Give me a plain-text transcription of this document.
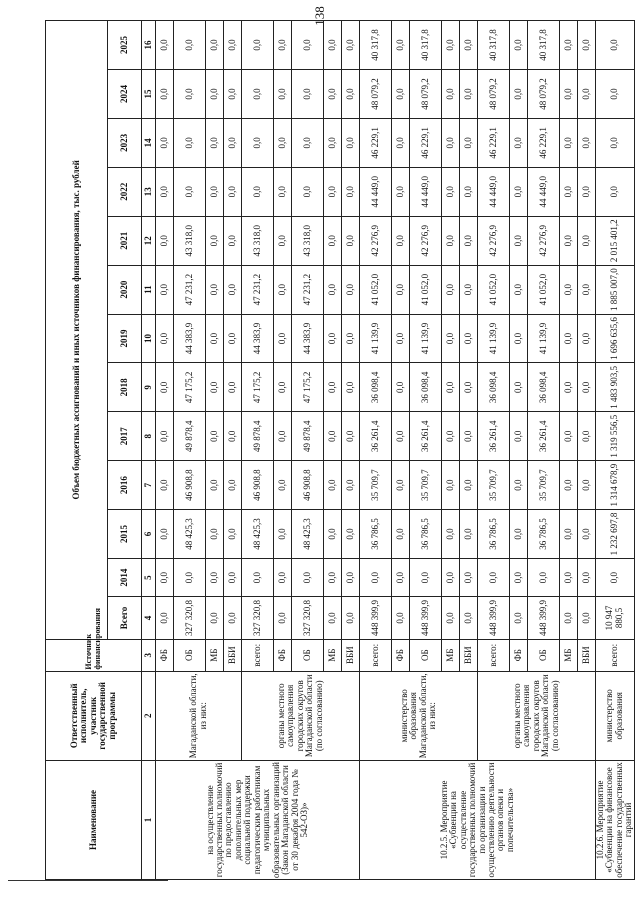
138
Наименование	Ответственный исполнитель, участник государственной программы	Источник финансирования	Объем бюджетных ассигнований и иных источников финансирования, тыс. рублей												
			Всего	2014	2015	2016	2017	2018	2019	2020	2021	2022	2023	2024	2025
1	2	3	4	5	6	7	8	9	10	11	12	13	14	15	16
на осуществление государственных полномочий по предоставлению дополнительных мер социальной поддержки педагогическим работникам муниципальных образовательных организаций (Закон Магаданской области от 30 декабря 2004 года № 542-ОЗ)»	Магаданской области, из них:	ФБ	0,0	0,0	0,0	0,0	0,0	0,0	0,0	0,0	0,0	0,0	0,0	0,0	0,0
		ОБ	327 320,8	0,0	48 425,3	46 908,8	49 878,4	47 175,2	44 383,9	47 231,2	43 318,0	0,0	0,0	0,0	0,0
		МБ	0,0	0,0	0,0	0,0	0,0	0,0	0,0	0,0	0,0	0,0	0,0	0,0	0,0
		ВБИ	0,0	0,0	0,0	0,0	0,0	0,0	0,0	0,0	0,0	0,0	0,0	0,0	0,0
	органы местного самоуправления городских округов Магаданской области (по согласованию)	всего:	327 320,8	0,0	48 425,3	46 908,8	49 878,4	47 175,2	44 383,9	47 231,2	43 318,0	0,0	0,0	0,0	0,0
		ФБ	0,0	0,0	0,0	0,0	0,0	0,0	0,0	0,0	0,0	0,0	0,0	0,0	0,0
		ОБ	327 320,8	0,0	48 425,3	46 908,8	49 878,4	47 175,2	44 383,9	47 231,2	43 318,0	0,0	0,0	0,0	0,0
		МБ	0,0	0,0	0,0	0,0	0,0	0,0	0,0	0,0	0,0	0,0	0,0	0,0	0,0
		ВБИ	0,0	0,0	0,0	0,0	0,0	0,0	0,0	0,0	0,0	0,0	0,0	0,0	0,0
10.2.5. Мероприятие «Субвенции на осуществление государственных полномочий по организации и осуществлению деятельности органов опеки и попечительства»	министерство образования Магаданской области, из них:	всего:	448 399,9	0,0	36 786,5	35 709,7	36 261,4	36 098,4	41 139,9	41 052,0	42 276,9	44 449,0	46 229,1	48 079,2	40 317,8
		ФБ	0,0	0,0	0,0	0,0	0,0	0,0	0,0	0,0	0,0	0,0	0,0	0,0	0,0
		ОБ	448 399,9	0,0	36 786,5	35 709,7	36 261,4	36 098,4	41 139,9	41 052,0	42 276,9	44 449,0	46 229,1	48 079,2	40 317,8
		МБ	0,0	0,0	0,0	0,0	0,0	0,0	0,0	0,0	0,0	0,0	0,0	0,0	0,0
		ВБИ	0,0	0,0	0,0	0,0	0,0	0,0	0,0	0,0	0,0	0,0	0,0	0,0	0,0
	органы местного самоуправления городских округов Магаданской области (по согласованию)	всего:	448 399,9	0,0	36 786,5	35 709,7	36 261,4	36 098,4	41 139,9	41 052,0	42 276,9	44 449,0	46 229,1	48 079,2	40 317,8
		ФБ	0,0	0,0	0,0	0,0	0,0	0,0	0,0	0,0	0,0	0,0	0,0	0,0	0,0
		ОБ	448 399,9	0,0	36 786,5	35 709,7	36 261,4	36 098,4	41 139,9	41 052,0	42 276,9	44 449,0	46 229,1	48 079,2	40 317,8
		МБ	0,0	0,0	0,0	0,0	0,0	0,0	0,0	0,0	0,0	0,0	0,0	0,0	0,0
		ВБИ	0,0	0,0	0,0	0,0	0,0	0,0	0,0	0,0	0,0	0,0	0,0	0,0	0,0
10.2.6. Мероприятие «Субвенции на финансовое обеспечение государственных гарантий	министерство образования	всего:	10 947 880,5	0,0	1 232 697,8	1 314 678,9	1 319 556,5	1 483 903,5	1 696 635,6	1 885 007,0	2 015 401,2	0,0	0,0	0,0	0,0
